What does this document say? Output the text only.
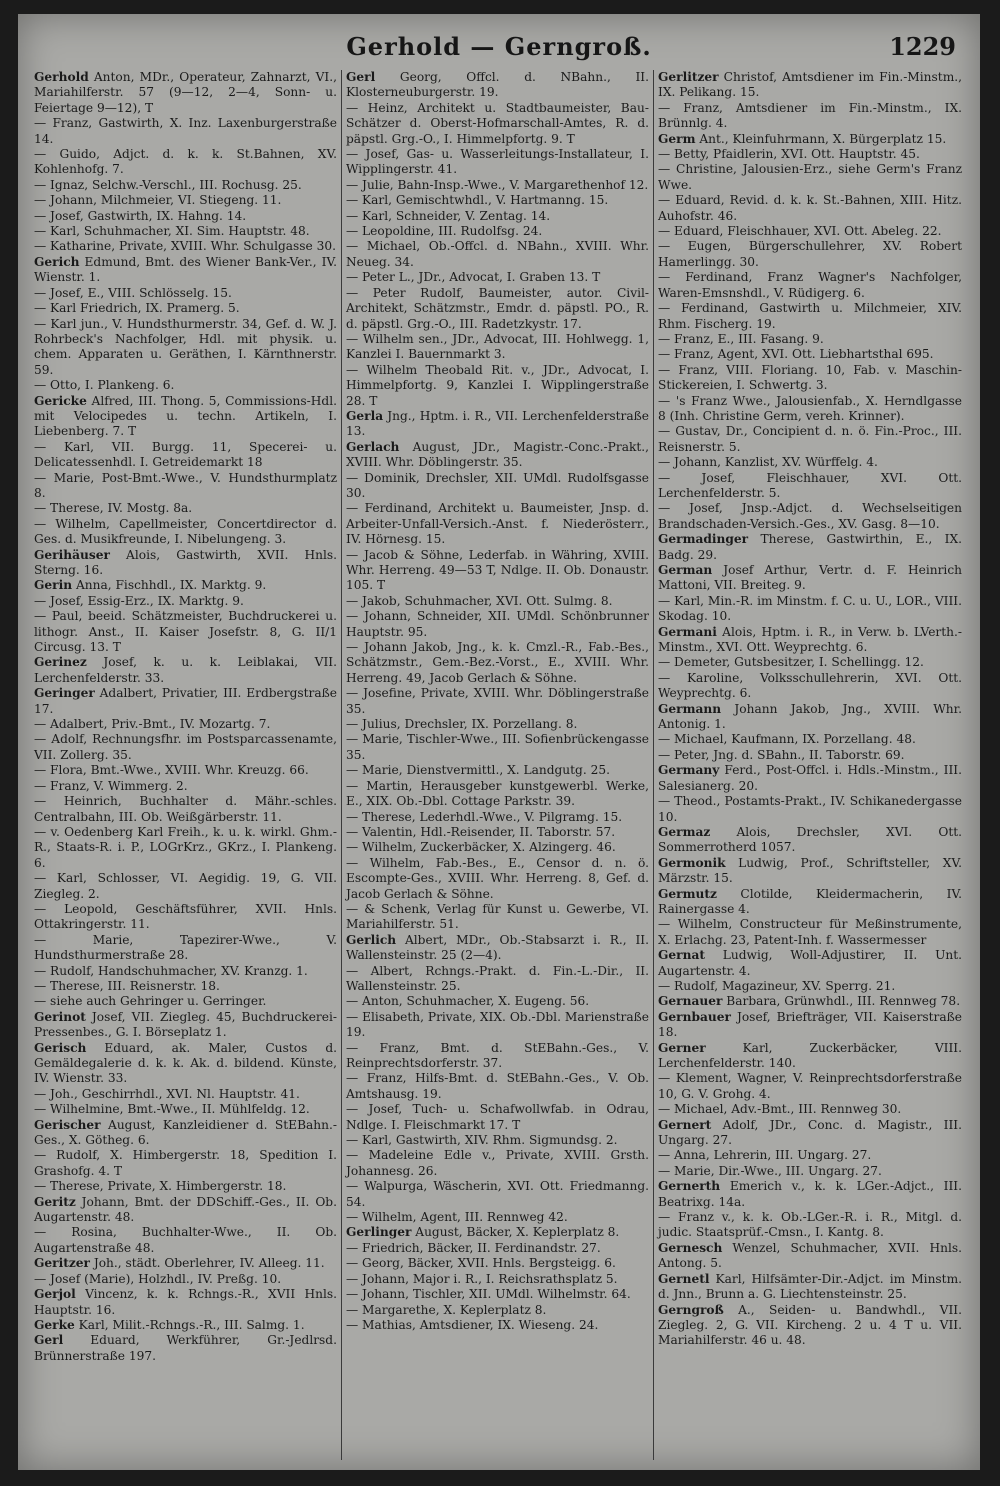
Gerhold — Gerngroß.	1229

Gerhold Anton, MDr., Operateur, Zahnarzt, VI., Mariahilferstr. 57 (9—12, 2—4, Sonn- u. Feiertage 9—12), T

— Franz, Gastwirth, X. Inz. Laxenburgerstraße 14.

— Guido, Adjct. d. k. k. St.Bahnen, XV. Kohlenhofg. 7.

— Ignaz, Selchw.-Verschl., III. Rochusg. 25.

— Johann, Milchmeier, VI. Stiegeng. 11.

— Josef, Gastwirth, IX. Hahng. 14.

— Karl, Schuhmacher, XI. Sim. Hauptstr. 48.

— Katharine, Private, XVIII. Whr. Schulgasse 30.

Gerich Edmund, Bmt. des Wiener Bank-Ver., IV. Wienstr. 1.

— Josef, E., VIII. Schlösselg. 15.

— Karl Friedrich, IX. Pramerg. 5.

— Karl jun., V. Hundsthurmerstr. 34, Gef. d. W. J. Rohrbeck's Nachfolger, Hdl. mit physik. u. chem. Apparaten u. Geräthen, I. Kärnthnerstr. 59.

— Otto, I. Plankeng. 6.

Gericke Alfred, III. Thong. 5, Commissions-Hdl. mit Velocipedes u. techn. Artikeln, I. Liebenberg. 7. T

— Karl, VII. Burgg. 11, Specerei- u. Delicatessenhdl. I. Getreidemarkt 18

— Marie, Post-Bmt.-Wwe., V. Hundsthurmplatz 8.

— Therese, IV. Mostg. 8a.

— Wilhelm, Capellmeister, Concertdirector d. Ges. d. Musikfreunde, I. Nibelungeng. 3.

Gerihäuser Alois, Gastwirth, XVII. Hnls. Sterng. 16.

Gerin Anna, Fischhdl., IX. Marktg. 9.

— Josef, Essig-Erz., IX. Marktg. 9.

— Paul, beeid. Schätzmeister, Buchdruckerei u. lithogr. Anst., II. Kaiser Josefstr. 8, G. II/1 Circusg. 13. T

Gerinez Josef, k. u. k. Leiblakai, VII. Lerchenfelderstr. 33.

Geringer Adalbert, Privatier, III. Erdbergstraße 17.

— Adalbert, Priv.-Bmt., IV. Mozartg. 7.

— Adolf, Rechnungsfhr. im Postsparcassenamte, VII. Zollerg. 35.

— Flora, Bmt.-Wwe., XVIII. Whr. Kreuzg. 66.

— Franz, V. Wimmerg. 2.

— Heinrich, Buchhalter d. Mähr.-schles. Centralbahn, III. Ob. Weißgärberstr. 11.

— v. Oedenberg Karl Freih., k. u. k. wirkl. Ghm.-R., Staats-R. i. P., LOGrKrz., GKrz., I. Plankeng. 6.

— Karl, Schlosser, VI. Aegidig. 19, G. VII. Ziegleg. 2.

— Leopold, Geschäftsführer, XVII. Hnls. Ottakringerstr. 11.

— Marie, Tapezirer-Wwe., V. Hundsthurmerstraße 28.

— Rudolf, Handschuhmacher, XV. Kranzg. 1.

— Therese, III. Reisnerstr. 18.

— siehe auch Gehringer u. Gerringer.

Gerinot Josef, VII. Ziegleg. 45, Buchdruckerei-Pressenbes., G. I. Börseplatz 1.

Gerisch Eduard, ak. Maler, Custos d. Gemäldegalerie d. k. k. Ak. d. bildend. Künste, IV. Wienstr. 33.

— Joh., Geschirrhdl., XVI. Nl. Hauptstr. 41.

— Wilhelmine, Bmt.-Wwe., II. Mühlfeldg. 12.

Gerischer August, Kanzleidiener d. StEBahn.-Ges., X. Götheg. 6.

— Rudolf, X. Himbergerstr. 18, Spedition I. Grashofg. 4. T

— Therese, Private, X. Himbergerstr. 18.

Geritz Johann, Bmt. der DDSchiff.-Ges., II. Ob. Augartenstr. 48.

— Rosina, Buchhalter-Wwe., II. Ob. Augartenstraße 48.

Geritzer Joh., städt. Oberlehrer, IV. Alleeg. 11.

— Josef (Marie), Holzhdl., IV. Preßg. 10.

Gerjol Vincenz, k. k. Rchngs.-R., XVII Hnls. Hauptstr. 16.

Gerke Karl, Milit.-Rchngs.-R., III. Salmg. 1.

Gerl Eduard, Werkführer, Gr.-Jedlrsd. Brünnerstraße 197.

Gerl Georg, Offcl. d. NBahn., II. Klosterneuburgerstr. 19.

— Heinz, Architekt u. Stadtbaumeister, Bau-Schätzer d. Oberst-Hofmarschall-Amtes, R. d. päpstl. Grg.-O., I. Himmelpfortg. 9. T

— Josef, Gas- u. Wasserleitungs-Installateur, I. Wipplingerstr. 41.

— Julie, Bahn-Insp.-Wwe., V. Margarethenhof 12.

— Karl, Gemischtwhdl., V. Hartmanng. 15.

— Karl, Schneider, V. Zentag. 14.

— Leopoldine, III. Rudolfsg. 24.

— Michael, Ob.-Offcl. d. NBahn., XVIII. Whr. Neueg. 34.

— Peter L., JDr., Advocat, I. Graben 13. T

— Peter Rudolf, Baumeister, autor. Civil-Architekt, Schätzmstr., Emdr. d. päpstl. PO., R. d. päpstl. Grg.-O., III. Radetzkystr. 17.

— Wilhelm sen., JDr., Advocat, III. Hohlwegg. 1, Kanzlei I. Bauernmarkt 3.

— Wilhelm Theobald Rit. v., JDr., Advocat, I. Himmelpfortg. 9, Kanzlei I. Wipplingerstraße 28. T

Gerla Jng., Hptm. i. R., VII. Lerchenfelderstraße 13.

Gerlach August, JDr., Magistr.-Conc.-Prakt., XVIII. Whr. Döblingerstr. 35.

— Dominik, Drechsler, XII. UMdl. Rudolfsgasse 30.

— Ferdinand, Architekt u. Baumeister, Jnsp. d. Arbeiter-Unfall-Versich.-Anst. f. Niederösterr., IV. Hörnesg. 15.

— Jacob & Söhne, Lederfab. in Währing, XVIII. Whr. Herreng. 49—53 T, Ndlge. II. Ob. Donaustr. 105. T

— Jakob, Schuhmacher, XVI. Ott. Sulmg. 8.

— Johann, Schneider, XII. UMdl. Schönbrunner Hauptstr. 95.

— Johann Jakob, Jng., k. k. Cmzl.-R., Fab.-Bes., Schätzmstr., Gem.-Bez.-Vorst., E., XVIII. Whr. Herreng. 49, Jacob Gerlach & Söhne.

— Josefine, Private, XVIII. Whr. Döblingerstraße 35.

— Julius, Drechsler, IX. Porzellang. 8.

— Marie, Tischler-Wwe., III. Sofienbrückengasse 35.

— Marie, Dienstvermittl., X. Landgutg. 25.

— Martin, Herausgeber kunstgewerbl. Werke, E., XIX. Ob.-Dbl. Cottage Parkstr. 39.

— Therese, Lederhdl.-Wwe., V. Pilgramg. 15.

— Valentin, Hdl.-Reisender, II. Taborstr. 57.

— Wilhelm, Zuckerbäcker, X. Alzingerg. 46.

— Wilhelm, Fab.-Bes., E., Censor d. n. ö. Escompte-Ges., XVIII. Whr. Herreng. 8, Gef. d. Jacob Gerlach & Söhne.

— & Schenk, Verlag für Kunst u. Gewerbe, VI. Mariahilferstr. 51.

Gerlich Albert, MDr., Ob.-Stabsarzt i. R., II. Wallensteinstr. 25 (2—4).

— Albert, Rchngs.-Prakt. d. Fin.-L.-Dir., II. Wallensteinstr. 25.

— Anton, Schuhmacher, X. Eugeng. 56.

— Elisabeth, Private, XIX. Ob.-Dbl. Marienstraße 19.

— Franz, Bmt. d. StEBahn.-Ges., V. Reinprechtsdorferstr. 37.

— Franz, Hilfs-Bmt. d. StEBahn.-Ges., V. Ob. Amtshausg. 19.

— Josef, Tuch- u. Schafwollwfab. in Odrau, Ndlge. I. Fleischmarkt 17. T

— Karl, Gastwirth, XIV. Rhm. Sigmundsg. 2.

— Madeleine Edle v., Private, XVIII. Grsth. Johannesg. 26.

— Walpurga, Wäscherin, XVI. Ott. Friedmanng. 54.

— Wilhelm, Agent, III. Rennweg 42.

Gerlinger August, Bäcker, X. Keplerplatz 8.

— Friedrich, Bäcker, II. Ferdinandstr. 27.

— Georg, Bäcker, XVII. Hnls. Bergsteigg. 6.

— Johann, Major i. R., I. Reichsrathsplatz 5.

— Johann, Tischler, XII. UMdl. Wilhelmstr. 64.

— Margarethe, X. Keplerplatz 8.

— Mathias, Amtsdiener, IX. Wieseng. 24.

Gerlitzer Christof, Amtsdiener im Fin.-Minstm., IX. Pelikang. 15.

— Franz, Amtsdiener im Fin.-Minstm., IX. Brünnlg. 4.

Germ Ant., Kleinfuhrmann, X. Bürgerplatz 15.

— Betty, Pfaidlerin, XVI. Ott. Hauptstr. 45.

— Christine, Jalousien-Erz., siehe Germ's Franz Wwe.

— Eduard, Revid. d. k. k. St.-Bahnen, XIII. Hitz. Auhofstr. 46.

— Eduard, Fleischhauer, XVI. Ott. Abeleg. 22.

— Eugen, Bürgerschullehrer, XV. Robert Hamerlingg. 30.

— Ferdinand, Franz Wagner's Nachfolger, Waren-Emsnshdl., V. Rüdigerg. 6.

— Ferdinand, Gastwirth u. Milchmeier, XIV. Rhm. Fischerg. 19.

— Franz, E., III. Fasang. 9.

— Franz, Agent, XVI. Ott. Liebhartsthal 695.

— Franz, VIII. Floriang. 10, Fab. v. Maschin-Stickereien, I. Schwertg. 3.

— 's Franz Wwe., Jalousienfab., X. Herndlgasse 8 (Inh. Christine Germ, vereh. Krinner).

— Gustav, Dr., Concipient d. n. ö. Fin.-Proc., III. Reisnerstr. 5.

— Johann, Kanzlist, XV. Würffelg. 4.

— Josef, Fleischhauer, XVI. Ott. Lerchenfelderstr. 5.

— Josef, Jnsp.-Adjct. d. Wechselseitigen Brandschaden-Versich.-Ges., XV. Gasg. 8—10.

Germadinger Therese, Gastwirthin, E., IX. Badg. 29.

German Josef Arthur, Vertr. d. F. Heinrich Mattoni, VII. Breiteg. 9.

— Karl, Min.-R. im Minstm. f. C. u. U., LOR., VIII. Skodag. 10.

Germani Alois, Hptm. i. R., in Verw. b. LVerth.-Minstm., XVI. Ott. Weyprechtg. 6.

— Demeter, Gutsbesitzer, I. Schellingg. 12.

— Karoline, Volksschullehrerin, XVI. Ott. Weyprechtg. 6.

Germann Johann Jakob, Jng., XVIII. Whr. Antonig. 1.

— Michael, Kaufmann, IX. Porzellang. 48.

— Peter, Jng. d. SBahn., II. Taborstr. 69.

Germany Ferd., Post-Offcl. i. Hdls.-Minstm., III. Salesianerg. 20.

— Theod., Postamts-Prakt., IV. Schikanedergasse 10.

Germaz Alois, Drechsler, XVI. Ott. Sommerrotherd 1057.

Germonik Ludwig, Prof., Schriftsteller, XV. Märzstr. 15.

Germutz Clotilde, Kleidermacherin, IV. Rainergasse 4.

— Wilhelm, Constructeur für Meßinstrumente, X. Erlachg. 23, Patent-Inh. f. Wassermesser

Gernat Ludwig, Woll-Adjustirer, II. Unt. Augartenstr. 4.

— Rudolf, Magazineur, XV. Sperrg. 21.

Gernauer Barbara, Grünwhdl., III. Rennweg 78.

Gernbauer Josef, Briefträger, VII. Kaiserstraße 18.

Gerner Karl, Zuckerbäcker, VIII. Lerchenfelderstr. 140.

— Klement, Wagner, V. Reinprechtsdorferstraße 10, G. V. Grohg. 4.

— Michael, Adv.-Bmt., III. Rennweg 30.

Gernert Adolf, JDr., Conc. d. Magistr., III. Ungarg. 27.

— Anna, Lehrerin, III. Ungarg. 27.

— Marie, Dir.-Wwe., III. Ungarg. 27.

Gernerth Emerich v., k. k. LGer.-Adjct., III. Beatrixg. 14a.

— Franz v., k. k. Ob.-LGer.-R. i. R., Mitgl. d. judic. Staatsprüf.-Cmsn., I. Kantg. 8.

Gernesch Wenzel, Schuhmacher, XVII. Hnls. Antong. 5.

Gernetl Karl, Hilfsämter-Dir.-Adjct. im Minstm. d. Jnn., Brunn a. G. Liechtensteinstr. 25.

Gerngroß A., Seiden- u. Bandwhdl., VII. Ziegleg. 2, G. VII. Kircheng. 2 u. 4 T u. VII. Mariahilferstr. 46 u. 48.
